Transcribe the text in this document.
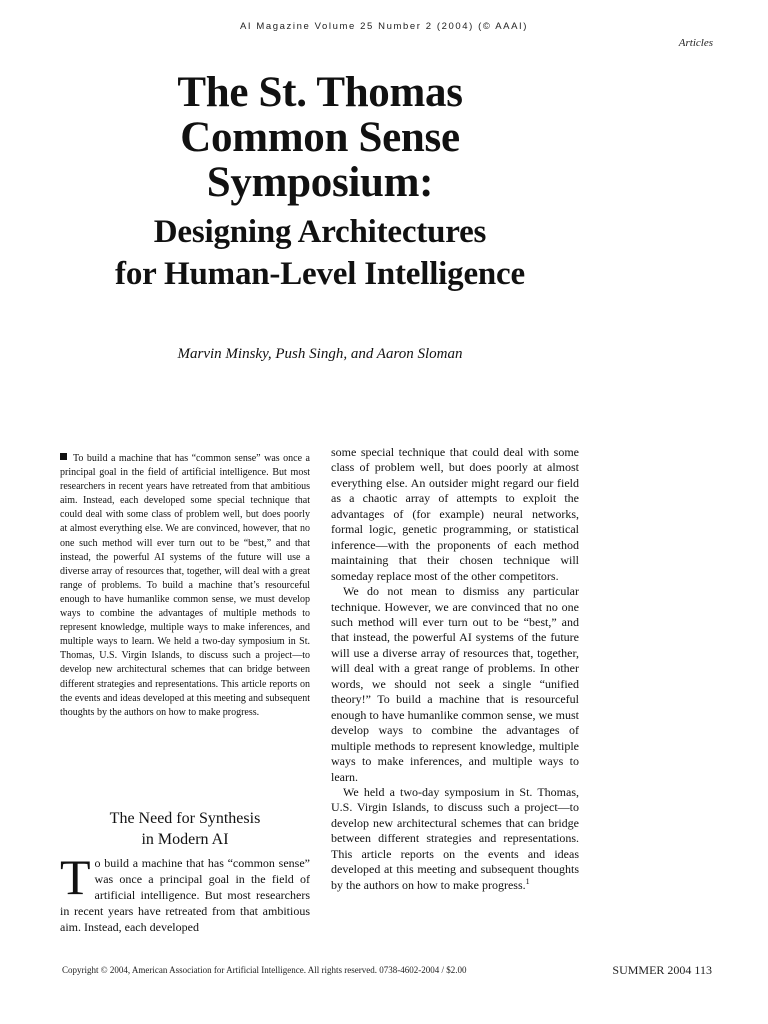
AI Magazine Volume 25 Number 2 (2004) (© AAAI)
Articles
The St. Thomas
Common Sense
Symposium:
Designing Architectures
for Human-Level Intelligence
Marvin Minsky, Push Singh, and Aaron Sloman
To build a machine that has “common sense” was once a principal goal in the field of artificial intelligence. But most researchers in recent years have retreated from that ambitious aim. Instead, each developed some special technique that could deal with some class of problem well, but does poorly at almost everything else. We are convinced, however, that no one such method will ever turn out to be “best,” and that instead, the powerful AI systems of the future will use a diverse array of resources that, together, will deal with a great range of problems. To build a machine that’s resourceful enough to have humanlike common sense, we must develop ways to combine the advantages of multiple methods to represent knowledge, multiple ways to make inferences, and multiple ways to learn. We held a two-day symposium in St. Thomas, U.S. Virgin Islands, to discuss such a project—to develop new architectural schemes that can bridge between different strategies and representations. This article reports on the events and ideas developed at this meeting and subsequent thoughts by the authors on how to make progress.
The Need for Synthesis
in Modern AI
To build a machine that has “common sense” was once a principal goal in the field of artificial intelligence. But most researchers in recent years have retreated from that ambitious aim. Instead, each developed

some special technique that could deal with some class of problem well, but does poorly at almost everything else. An outsider might regard our field as a chaotic array of attempts to exploit the advantages of (for example) neural networks, formal logic, genetic programming, or statistical inference—with the proponents of each method maintaining that their chosen technique will someday replace most of the other competitors.

We do not mean to dismiss any particular technique. However, we are convinced that no one such method will ever turn out to be “best,” and that instead, the powerful AI systems of the future will use a diverse array of resources that, together, will deal with a great range of problems. In other words, we should not seek a single “unified theory!” To build a machine that is resourceful enough to have humanlike common sense, we must develop ways to combine the advantages of multiple methods to represent knowledge, multiple ways to make inferences, and multiple ways to learn.

We held a two-day symposium in St. Thomas, U.S. Virgin Islands, to discuss such a project—to develop new architectural schemes that can bridge between different strategies and representations. This article reports on the events and ideas developed at this meeting and subsequent thoughts by the authors on how to make progress.$^1$

Copyright © 2004, American Association for Artificial Intelligence. All rights reserved. 0738-4602-2004 / $2.00	SUMMER 2004 113
